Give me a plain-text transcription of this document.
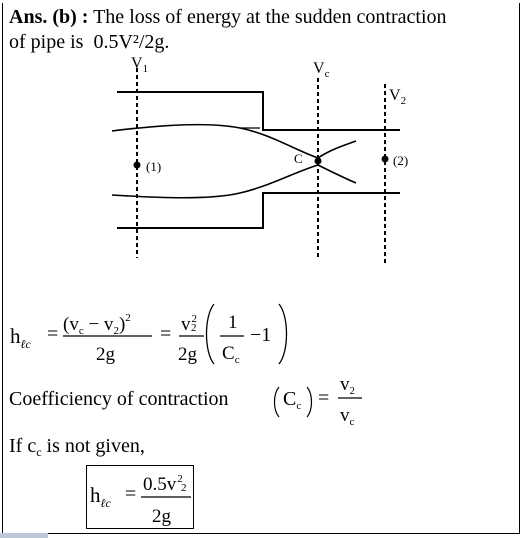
Ans. (b) : The loss of energy at the sudden contraction
of pipe is 0.5V²/2g.
$V_1$	$V_c$
$V_2$
(1)	(2)
C
$h_{\ell c} = (v_c - v_2)^2$
2g
= $v^2$
2
2g
1
$C_c$
−1
Coefficiency of contraction	$C_c$ =
$v_2$
$v_c$
If $c_c$ is not given,
$h_{\ell c} = 0.5v^2$
2
2g
